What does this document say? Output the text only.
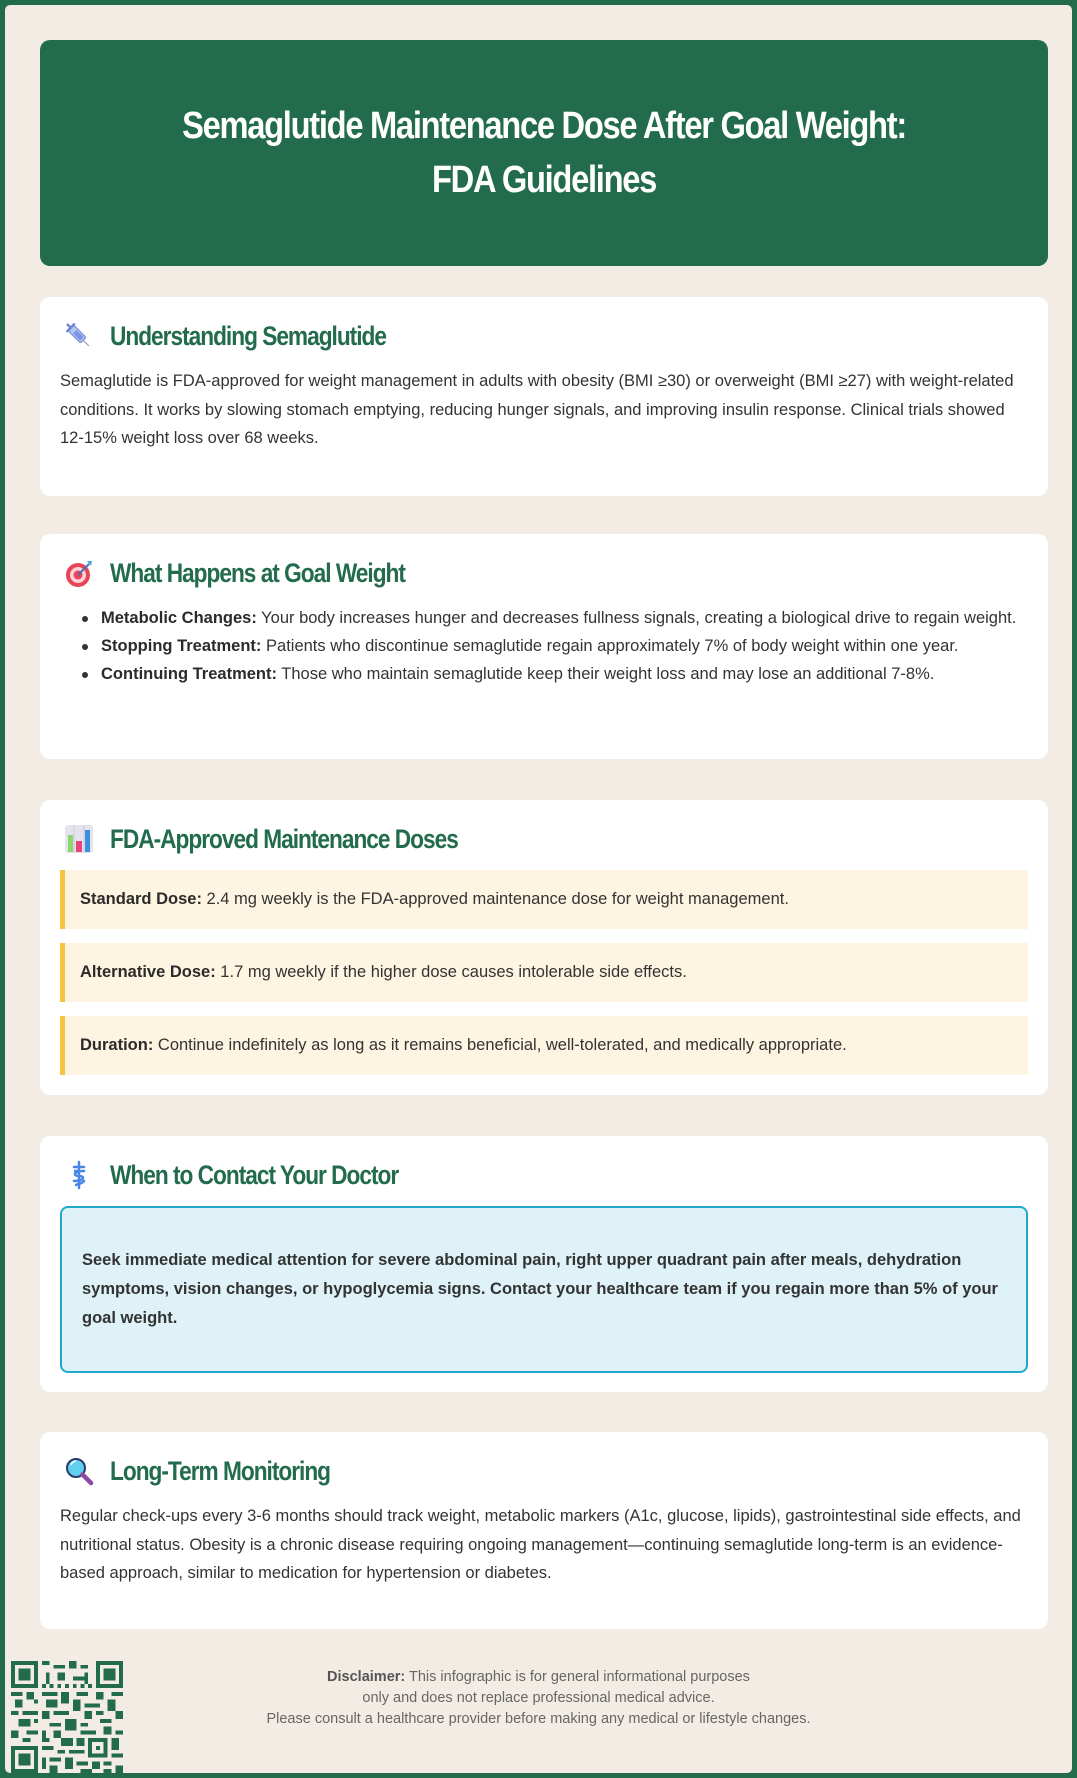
Semaglutide Maintenance Dose After Goal Weight: FDA Guidelines
Understanding Semaglutide

Semaglutide is FDA-approved for weight management in adults with obesity (BMI ≥30) or overweight (BMI ≥27) with weight-related conditions. It works by slowing stomach emptying, reducing hunger signals, and improving insulin response. Clinical trials showed 12-15% weight loss over 68 weeks.

What Happens at Goal Weight
Metabolic Changes: Your body increases hunger and decreases fullness signals, creating a biological drive to regain weight.
Stopping Treatment: Patients who discontinue semaglutide regain approximately 7% of body weight within one year.
Continuing Treatment: Those who maintain semaglutide keep their weight loss and may lose an additional 7-8%.
FDA-Approved Maintenance Doses
Standard Dose: 2.4 mg weekly is the FDA-approved maintenance dose for weight management.
Alternative Dose: 1.7 mg weekly if the higher dose causes intolerable side effects.
Duration: Continue indefinitely as long as it remains beneficial, well-tolerated, and medically appropriate.
When to Contact Your Doctor

Seek immediate medical attention for severe abdominal pain, right upper quadrant pain after meals, dehydration symptoms, vision changes, or hypoglycemia signs. Contact your healthcare team if you regain more than 5% of your goal weight.

Long-Term Monitoring

Regular check-ups every 3-6 months should track weight, metabolic markers (A1c, glucose, lipids), gastrointestinal side effects, and nutritional status. Obesity is a chronic disease requiring ongoing management—continuing semaglutide long-term is an evidence-based approach, similar to medication for hypertension or diabetes.

Disclaimer: This infographic is for general informational purposes
only and does not replace professional medical advice.
Please consult a healthcare provider before making any medical or lifestyle changes.
